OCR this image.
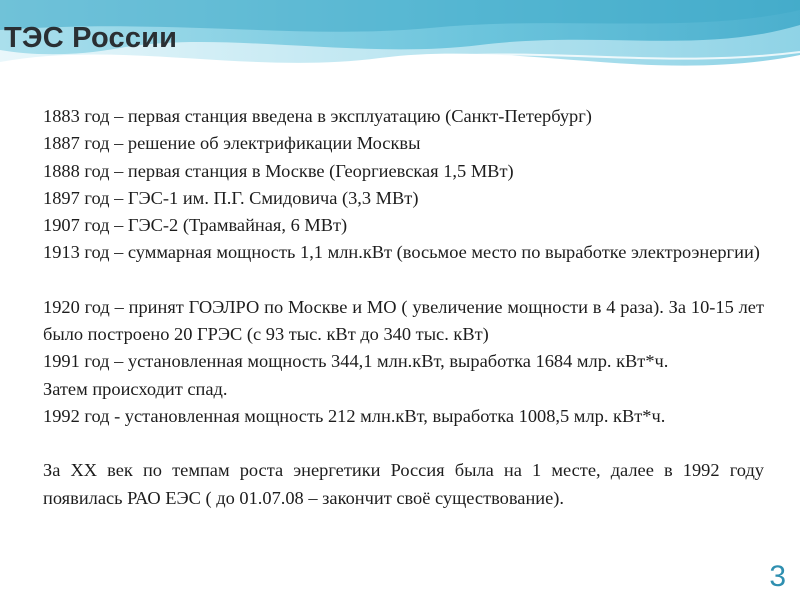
ТЭС России

1883 год – первая станция введена в эксплуатацию (Санкт-Петербург)

1887 год – решение об электрификации Москвы

1888 год – первая станция в Москве (Георгиевская 1,5 МВт)

1897 год – ГЭС-1 им. П.Г. Смидовича (3,3 МВт)

1907 год – ГЭС-2 (Трамвайная, 6 МВт)

1913 год – суммарная мощность 1,1 млн.кВт (восьмое место по выработке электроэнергии)

1920 год – принят ГОЭЛРО по Москве и МО ( увеличение мощности в 4 раза). За 10-15 лет было построено 20 ГРЭС (с 93 тыс. кВт до 340 тыс. кВт)

1991 год – установленная мощность 344,1 млн.кВт, выработка 1684 млр. кВт*ч.

Затем происходит спад.

1992 год - установленная мощность 212 млн.кВт, выработка 1008,5 млр. кВт*ч.

За XX век по темпам роста энергетики Россия была на 1 месте, далее в 1992 году появилась РАО ЕЭС ( до 01.07.08 – закончит своё существование).

3
